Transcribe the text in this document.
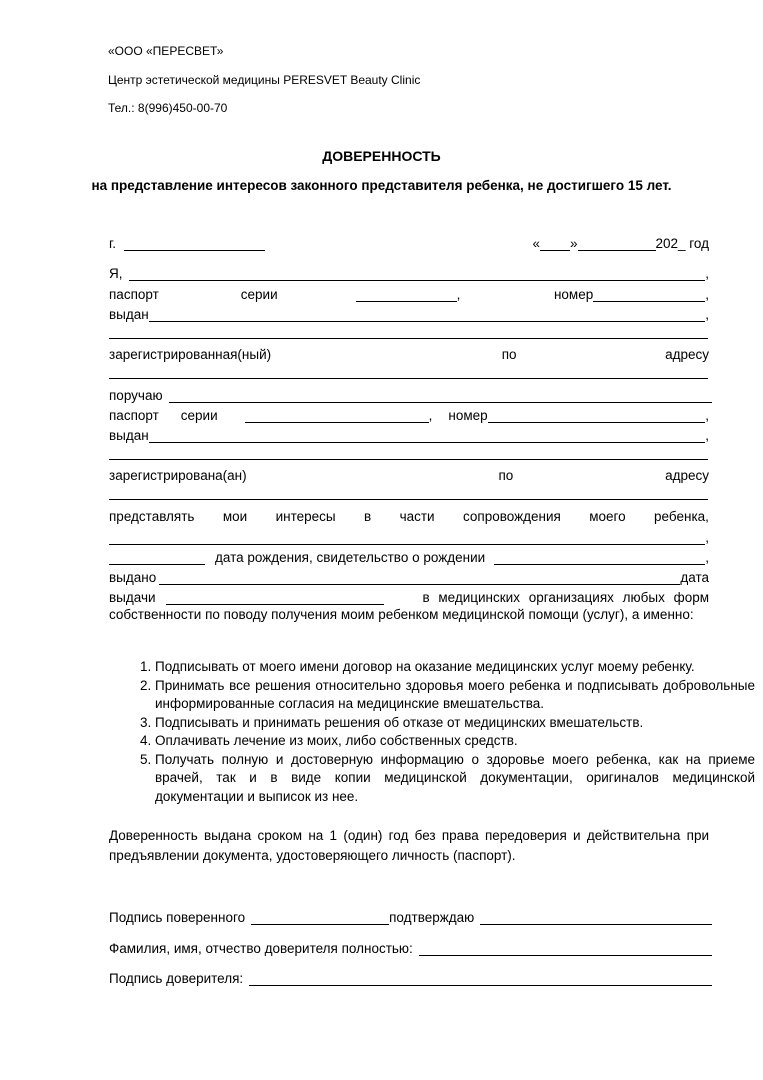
«ООО «ПЕРЕСВЕТ»
Центр эстетической медицины PERESVET Beauty Clinic
Тел.: 8(996)450-00-70
ДОВЕРЕННОСТЬ
на представление интересов законного представителя ребенка, не достигшего 15 лет.
г.	« »	202_ год
Я,	,
паспорт	серии	,	номер	,
выдан	,
зарегистрированная(ный)	по	адресу
поручаю
паспорт серии	, номер	,
выдан	,
зарегистрирована(ан)	по	адресу
представлять мои интересы в части сопровождения моего ребенка,
,
дата рождения, свидетельство о рождении	,
выдано	дата
выдачи	в медицинских организациях любых форм
собственности по поводу получения моим ребенком медицинской помощи (услуг), а именно:
1. Подписывать от моего имени договор на оказание медицинских услуг моему ребенку.
2. Принимать все решения относительно здоровья моего ребенка и подписывать добровольные информированные согласия на медицинские вмешательства.
3. Подписывать и принимать решения об отказе от медицинских вмешательств.
4. Оплачивать лечение из моих, либо собственных средств.
5. Получать полную и достоверную информацию о здоровье моего ребенка, как на приеме врачей, так и в виде копии медицинской документации, оригиналов медицинской документации и выписок из нее.
Доверенность выдана сроком на 1 (один) год без права передоверия и действительна при предъявлении документа, удостоверяющего личность (паспорт).
Подпись поверенного	подтверждаю
Фамилия, имя, отчество доверителя полностью:
Подпись доверителя:
